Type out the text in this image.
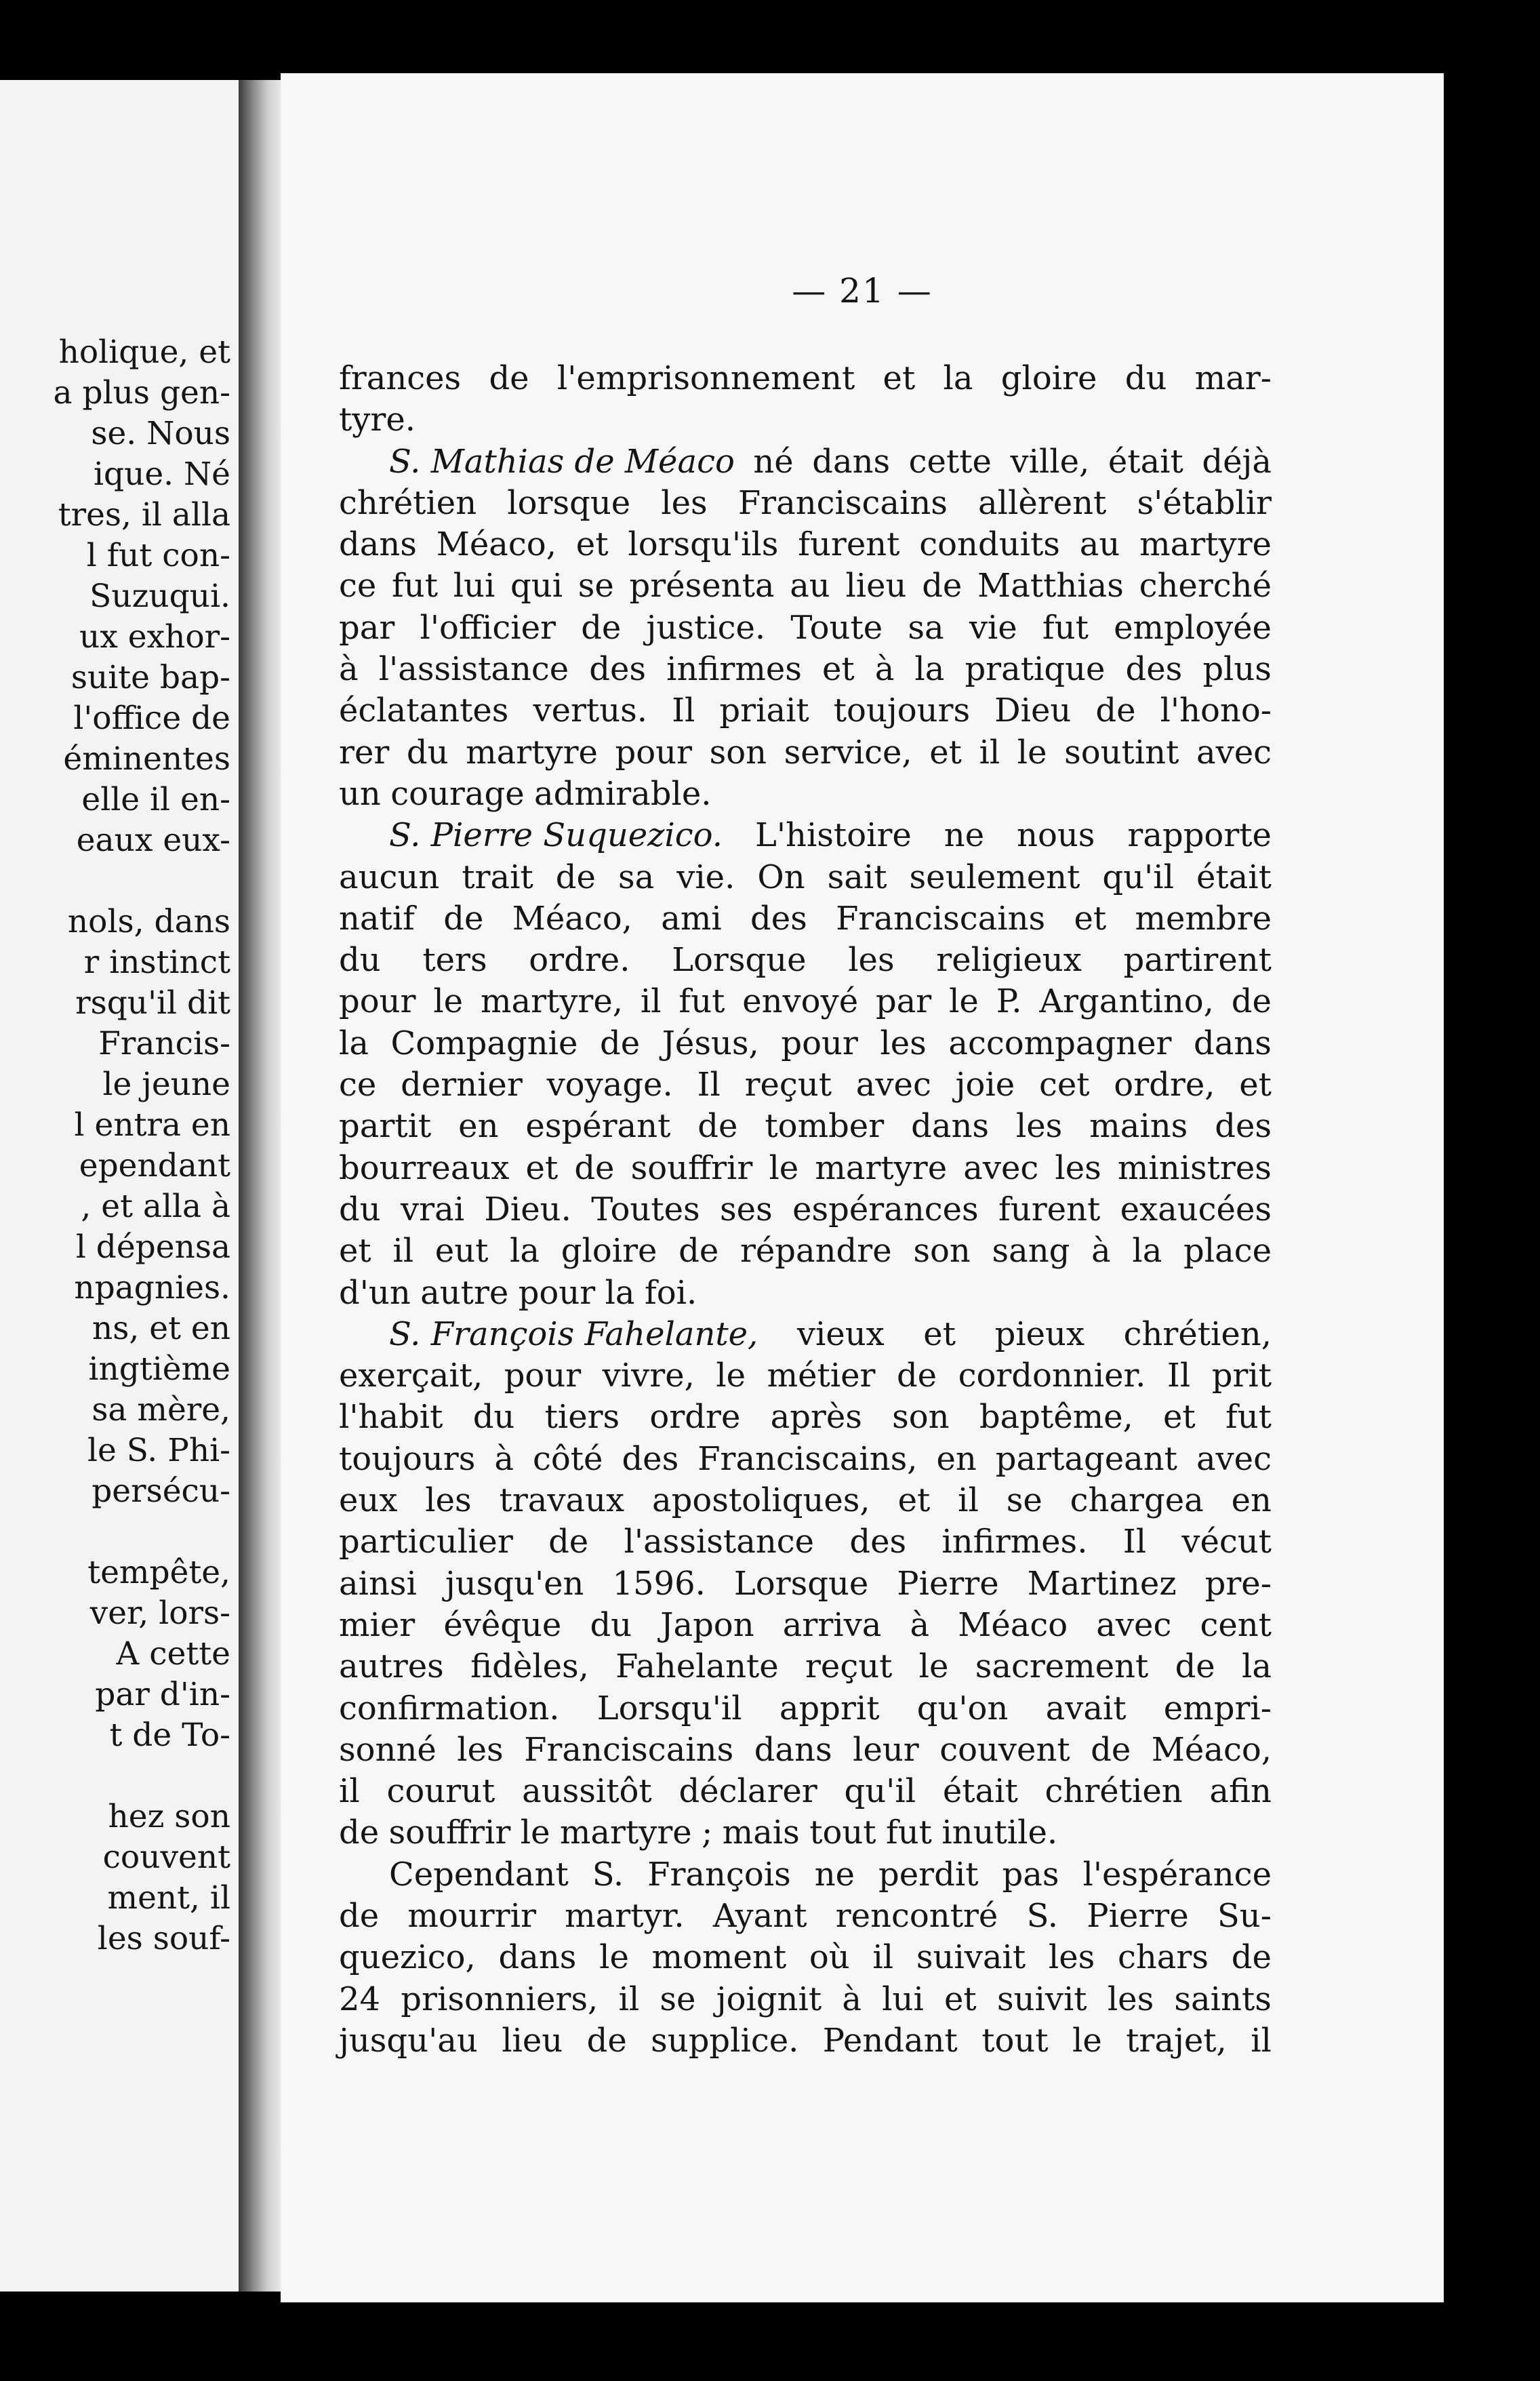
holique, et
a plus gen-
se. Nous
ique. Né
tres, il alla
l fut con-
Suzuqui.
ux exhor-
suite bap-
l'office de
éminentes
elle il en-
eaux eux-
nols, dans
r instinct
rsqu'il dit
Francis-
le jeune
l entra en
ependant
, et alla à
l dépensa
npagnies.
ns, et en
ingtième
sa mère,
le S. Phi-
persécu-
tempête,
ver, lors-
A cette
par d'in-
t de To-
hez son
couvent
ment, il
les souf-
— 21 —
frances de l'emprisonnement et la gloire du mar-
tyre.
S. Mathias de Méaco né dans cette ville, était déjà
chrétien lorsque les Franciscains allèrent s'établir
dans Méaco, et lorsqu'ils furent conduits au martyre
ce fut lui qui se présenta au lieu de Matthias cherché
par l'officier de justice. Toute sa vie fut employée
à l'assistance des infirmes et à la pratique des plus
éclatantes vertus. Il priait toujours Dieu de l'hono-
rer du martyre pour son service, et il le soutint avec
un courage admirable.
S. Pierre Suquezico. L'histoire ne nous rapporte
aucun trait de sa vie. On sait seulement qu'il était
natif de Méaco, ami des Franciscains et membre
du ters ordre. Lorsque les religieux partirent
pour le martyre, il fut envoyé par le P. Argantino, de
la Compagnie de Jésus, pour les accompagner dans
ce dernier voyage. Il reçut avec joie cet ordre, et
partit en espérant de tomber dans les mains des
bourreaux et de souffrir le martyre avec les ministres
du vrai Dieu. Toutes ses espérances furent exaucées
et il eut la gloire de répandre son sang à la place
d'un autre pour la foi.
S. François Fahelante, vieux et pieux chrétien,
exerçait, pour vivre, le métier de cordonnier. Il prit
l'habit du tiers ordre après son baptême, et fut
toujours à côté des Franciscains, en partageant avec
eux les travaux apostoliques, et il se chargea en
particulier de l'assistance des infirmes. Il vécut
ainsi jusqu'en 1596. Lorsque Pierre Martinez pre-
mier évêque du Japon arriva à Méaco avec cent
autres fidèles, Fahelante reçut le sacrement de la
confirmation. Lorsqu'il apprit qu'on avait empri-
sonné les Franciscains dans leur couvent de Méaco,
il courut aussitôt déclarer qu'il était chrétien afin
de souffrir le martyre ; mais tout fut inutile.
Cependant S. François ne perdit pas l'espérance
de mourrir martyr. Ayant rencontré S. Pierre Su-
quezico, dans le moment où il suivait les chars de
24 prisonniers, il se joignit à lui et suivit les saints
jusqu'au lieu de supplice. Pendant tout le trajet, il
